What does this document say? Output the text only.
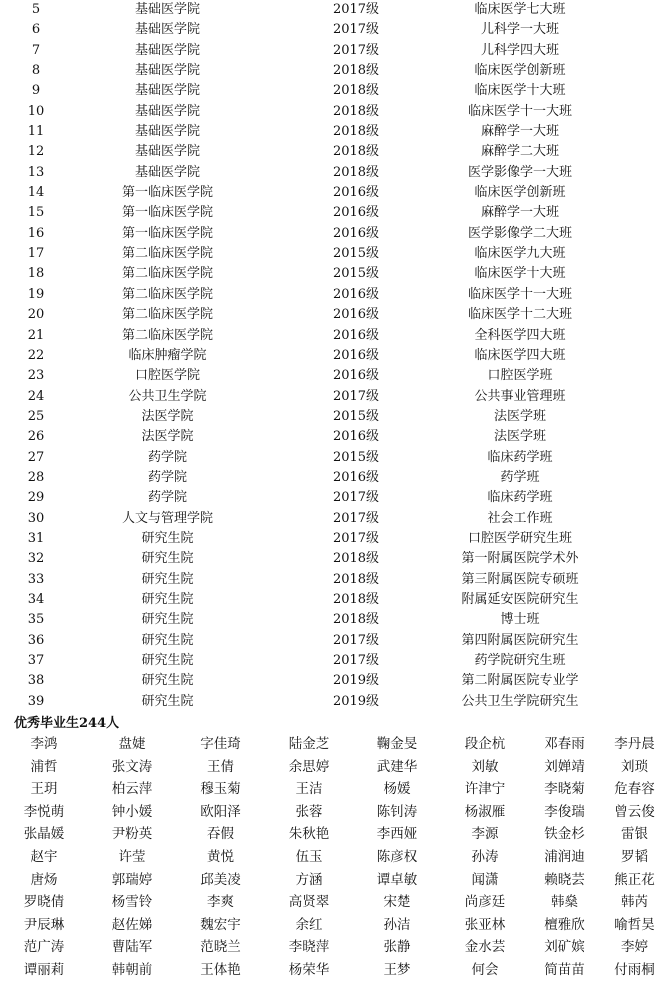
5	基础医学院	2017级	临床医学七大班
6	基础医学院	2017级	儿科学一大班
7	基础医学院	2017级	儿科学四大班
8	基础医学院	2018级	临床医学创新班
9	基础医学院	2018级	临床医学十大班
10	基础医学院	2018级	临床医学十一大班
11	基础医学院	2018级	麻醉学一大班
12	基础医学院	2018级	麻醉学二大班
13	基础医学院	2018级	医学影像学一大班
14	第一临床医学院	2016级	临床医学创新班
15	第一临床医学院	2016级	麻醉学一大班
16	第一临床医学院	2016级	医学影像学二大班
17	第二临床医学院	2015级	临床医学九大班
18	第二临床医学院	2015级	临床医学十大班
19	第二临床医学院	2016级	临床医学十一大班
20	第二临床医学院	2016级	临床医学十二大班
21	第二临床医学院	2016级	全科医学四大班
22	临床肿瘤学院	2016级	临床医学四大班
23	口腔医学院	2016级	口腔医学班
24	公共卫生学院	2017级	公共事业管理班
25	法医学院	2015级	法医学班
26	法医学院	2016级	法医学班
27	药学院	2015级	临床药学班
28	药学院	2016级	药学班
29	药学院	2017级	临床药学班
30	人文与管理学院	2017级	社会工作班
31	研究生院	2017级	口腔医学研究生班
32	研究生院	2018级	第一附属医院学术外
33	研究生院	2018级	第三附属医院专硕班
34	研究生院	2018级	附属延安医院研究生
35	研究生院	2018级	博士班
36	研究生院	2017级	第四附属医院研究生
37	研究生院	2017级	药学院研究生班
38	研究生院	2019级	第二附属医院专业学
39	研究生院	2019级	公共卫生学院研究生
优秀毕业生244人
李鸿	盘婕	字佳琦	陆金芝	鞠金旻	段企杭	邓春雨	李丹晨
浦哲	张文涛	王倩	余思婷	武建华	刘敏	刘婵靖	刘琐
王玥	柏云萍	穆玉菊	王洁	杨媛	许津宁	李晓菊	危春容
李悦萌	钟小媛	欧阳泽	张蓉	陈钊涛	杨淑雁	李俊瑞	曾云俊
张晶媛	尹粉英	吞假	朱秋艳	李西娅	李源	铁金杉	雷银
赵宇	许莹	黄悦	伍玉	陈彦权	孙涛	浦润迪	罗韬
唐炀	郭瑞婷	邱美凌	方涵	谭卓敏	闻潇	赖晓芸	熊正花
罗晓倩	杨雪铃	李爽	高贤翠	宋楚	尚彦廷	韩燊	韩芮
尹辰琳	赵佐娣	魏宏宇	余红	孙洁	张亚林	檀雅欣	喻哲昊
范广涛	曹陆军	范晓兰	李晓萍	张静	金水芸	刘矿嫔	李婷
谭丽莉	韩朝前	王体艳	杨荣华	王梦	何会	简苗苗	付雨桐
